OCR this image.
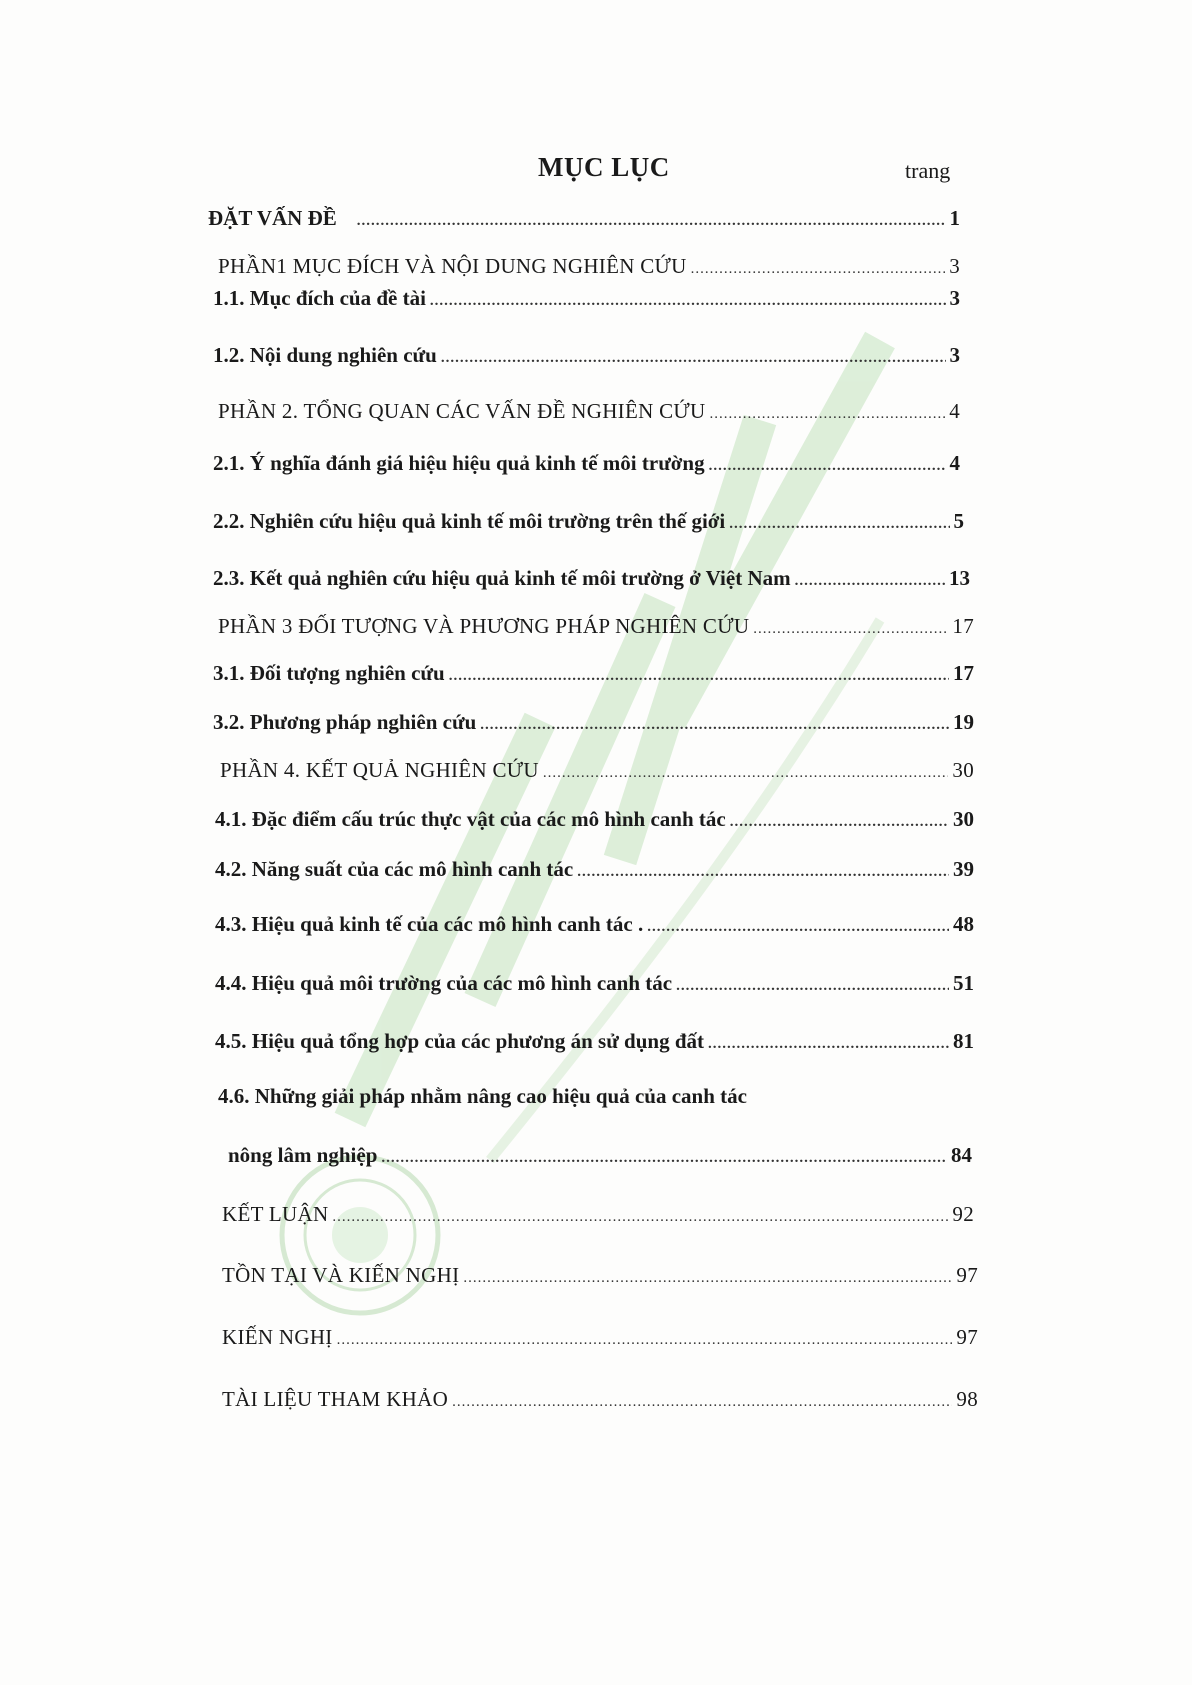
MỤC LỤC	trang
ĐẶT VẤN ĐỀ .....	1
PHẦN1 MỤC ĐÍCH VÀ NỘI DUNG NGHIÊN CỨU .....	3
1.1. Mục đích của đề tài .....	3
1.2. Nội dung nghiên cứu .....	3
PHẦN 2. TỔNG QUAN CÁC VẤN ĐỀ NGHIÊN CỨU .....	4
2.1. Ý nghĩa đánh giá hiệu hiệu quả kinh tế môi trường .....	4
2.2. Nghiên cứu hiệu quả kinh tế môi trường trên thế giới .....	5
2.3. Kết quả nghiên cứu hiệu quả kinh tế môi trường ở Việt Nam .....	13
PHẦN 3 ĐỐI TƯỢNG VÀ PHƯƠNG PHÁP NGHIÊN CỨU .....	17
3.1. Đối tượng nghiên cứu .....	17
3.2. Phương pháp nghiên cứu .....	19
PHẦN 4. KẾT QUẢ NGHIÊN CỨU .....	30
4.1. Đặc điểm cấu trúc thực vật của các mô hình canh tác .....	30
4.2. Năng suất của các mô hình canh tác .....	39
4.3. Hiệu quả kinh tế của các mô hình canh tác . .....	48
4.4. Hiệu quả môi trường của các mô hình canh tác .....	51
4.5. Hiệu quả tổng hợp của các phương án sử dụng đất .....	81
4.6. Những giải pháp nhằm nâng cao hiệu quả của canh tác
nông lâm nghiệp .....	84
KẾT LUẬN .....	92
TỒN TẠI VÀ KIẾN NGHỊ .....	97
KIẾN NGHỊ .....	97
TÀI LIỆU THAM KHẢO .....	98
